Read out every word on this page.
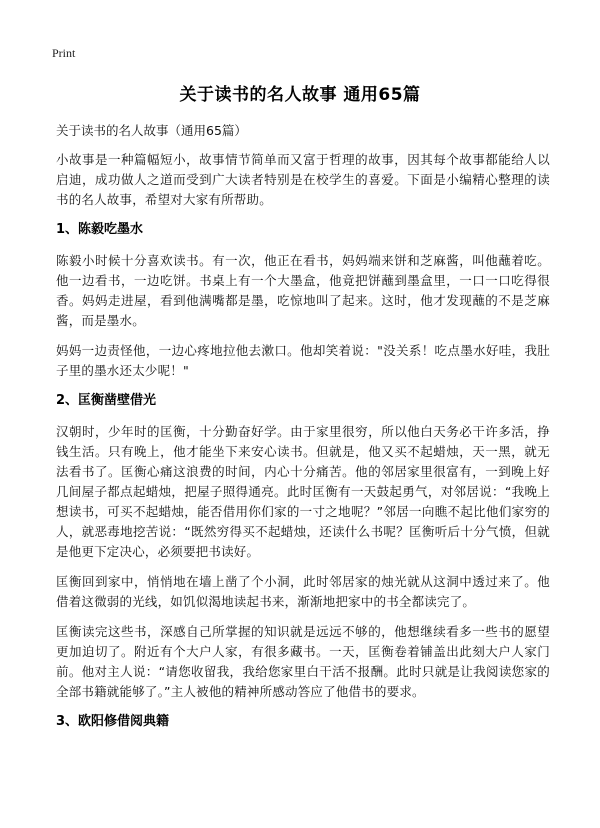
Print
关于读书的名人故事 通用65篇
关于读书的名人故事（通用65篇）

小故事是一种篇幅短小，故事情节简单而又富于哲理的故事，因其每个故事都能给人以启迪，成功做人之道而受到广大读者特别是在校学生的喜爱。下面是小编精心整理的读书的名人故事，希望对大家有所帮助。

1、陈毅吃墨水

陈毅小时候十分喜欢读书。有一次，他正在看书，妈妈端来饼和芝麻酱，叫他蘸着吃。他一边看书，一边吃饼。书桌上有一个大墨盒，他竟把饼蘸到墨盒里，一口一口吃得很香。妈妈走进屋，看到他满嘴都是墨，吃惊地叫了起来。这时，他才发现蘸的不是芝麻酱，而是墨水。

妈妈一边责怪他，一边心疼地拉他去漱口。他却笑着说："没关系！吃点墨水好哇，我肚子里的墨水还太少呢！"

2、匡衡凿壁借光

汉朝时，少年时的匡衡，十分勤奋好学。由于家里很穷，所以他白天务必干许多活，挣钱生活。只有晚上，他才能坐下来安心读书。但就是，他又买不起蜡烛，天一黑，就无法看书了。匡衡心痛这浪费的时间，内心十分痛苦。他的邻居家里很富有，一到晚上好几间屋子都点起蜡烛，把屋子照得通亮。此时匡衡有一天鼓起勇气，对邻居说：“我晚上想读书，可买不起蜡烛，能否借用你们家的一寸之地呢？”邻居一向瞧不起比他们家穷的人，就恶毒地挖苦说：“既然穷得买不起蜡烛，还读什么书呢？匡衡听后十分气愤，但就是他更下定决心，必须要把书读好。

匡衡回到家中，悄悄地在墙上凿了个小洞，此时邻居家的烛光就从这洞中透过来了。他借着这微弱的光线，如饥似渴地读起书来，渐渐地把家中的书全都读完了。

匡衡读完这些书，深感自己所掌握的知识就是远远不够的，他想继续看多一些书的愿望更加迫切了。附近有个大户人家，有很多藏书。一天，匡衡卷着铺盖出此刻大户人家门前。他对主人说：“请您收留我，我给您家里白干活不报酬。此时只就是让我阅读您家的全部书籍就能够了。”主人被他的精神所感动答应了他借书的要求。

3、欧阳修借阅典籍
